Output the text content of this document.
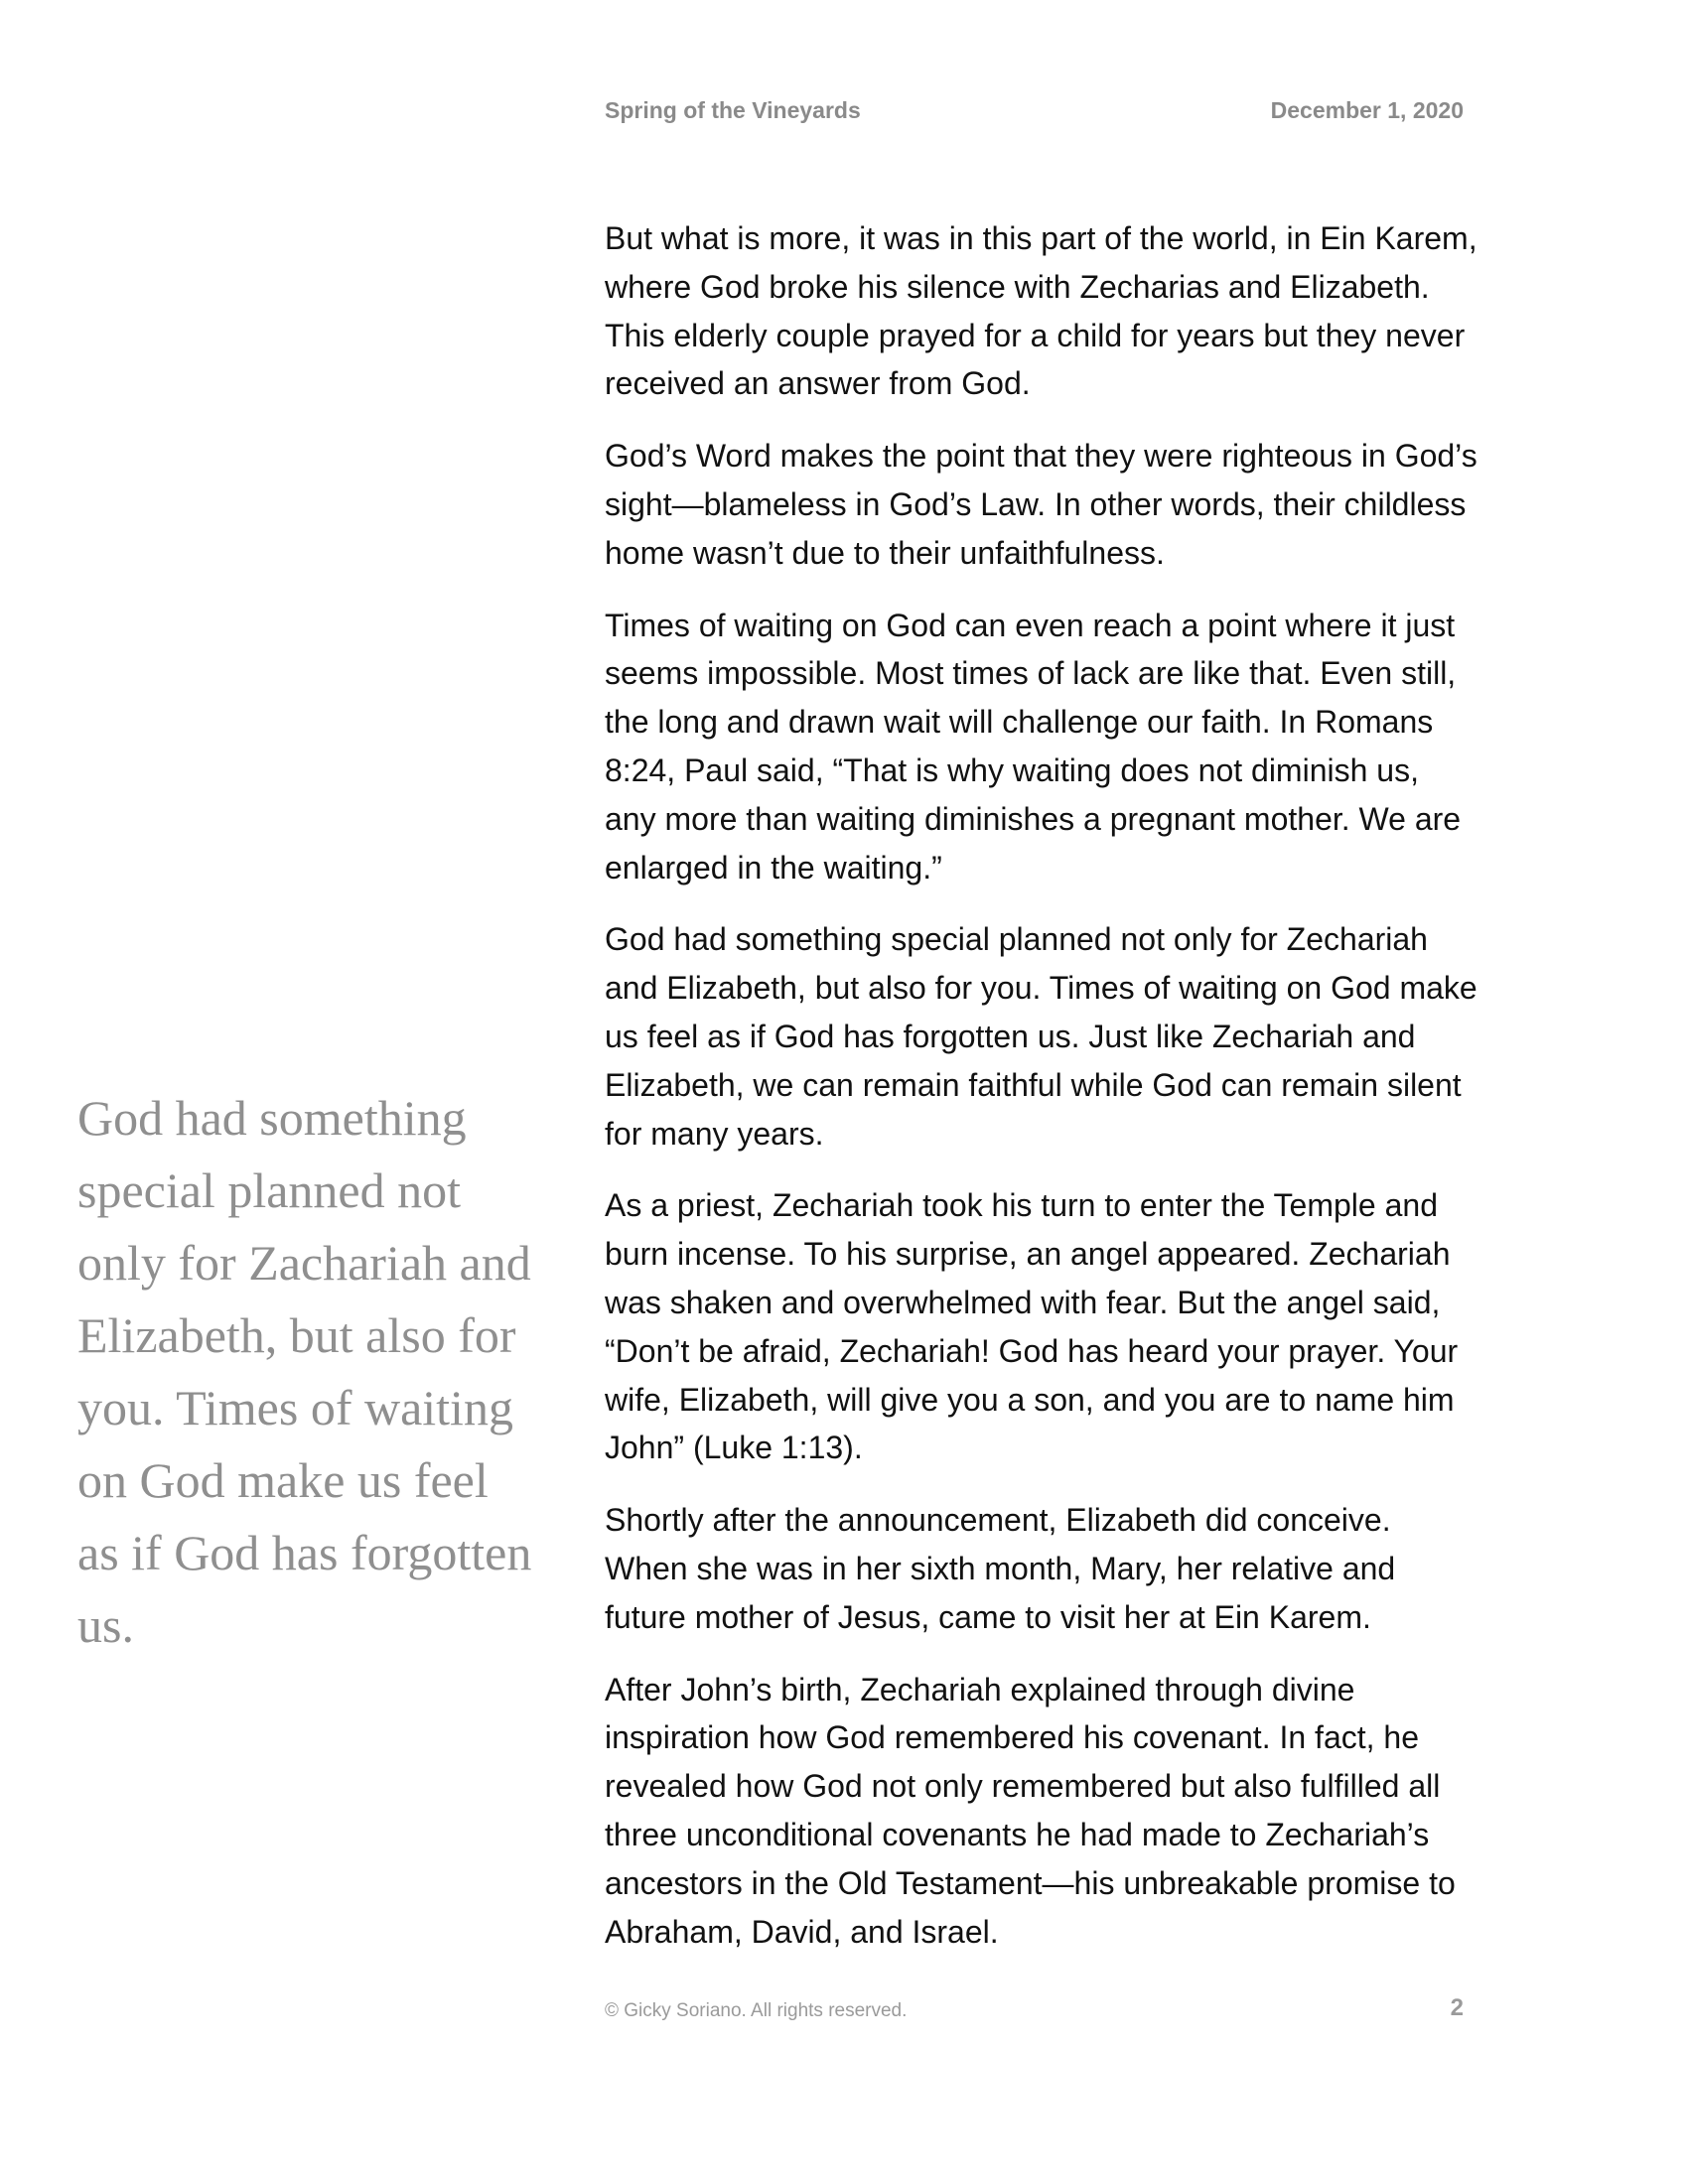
Spring of the Vineyards	December 1, 2020

But what is more, it was in this part of the world, in Ein Karem, where God broke his silence with Zecharias and Elizabeth. This elderly couple prayed for a child for years but they never received an answer from God.

God’s Word makes the point that they were righteous in God’s sight—blameless in God’s Law. In other words, their childless home wasn’t due to their unfaithfulness.

Times of waiting on God can even reach a point where it just seems impossible. Most times of lack are like that. Even still, the long and drawn wait will challenge our faith. In Romans 8:24, Paul said, “That is why waiting does not diminish us, any more than waiting diminishes a pregnant mother. We are enlarged in the waiting.”

God had something special planned not only for Zechariah and Elizabeth, but also for you. Times of waiting on God make us feel as if God has forgotten us. Just like Zechariah and Elizabeth, we can remain faithful while God can remain silent for many years.

As a priest, Zechariah took his turn to enter the Temple and burn incense. To his surprise, an angel appeared. Zechariah was shaken and overwhelmed with fear. But the angel said, “Don’t be afraid, Zechariah! God has heard your prayer. Your wife, Elizabeth, will give you a son, and you are to name him John” (Luke 1:13).

Shortly after the announcement, Elizabeth did conceive. When she was in her sixth month, Mary, her relative and future mother of Jesus, came to visit her at Ein Karem.

After John’s birth, Zechariah explained through divine inspiration how God remembered his covenant. In fact, he revealed how God not only remembered but also fulfilled all three unconditional covenants he had made to Zechariah’s ancestors in the Old Testament—his unbreakable promise to Abraham, David, and Israel.

God had something special planned not only for Zachariah and Elizabeth, but also for you. Times of waiting on God make us feel as if God has forgotten us.
© Gicky Soriano. All rights reserved.	2
